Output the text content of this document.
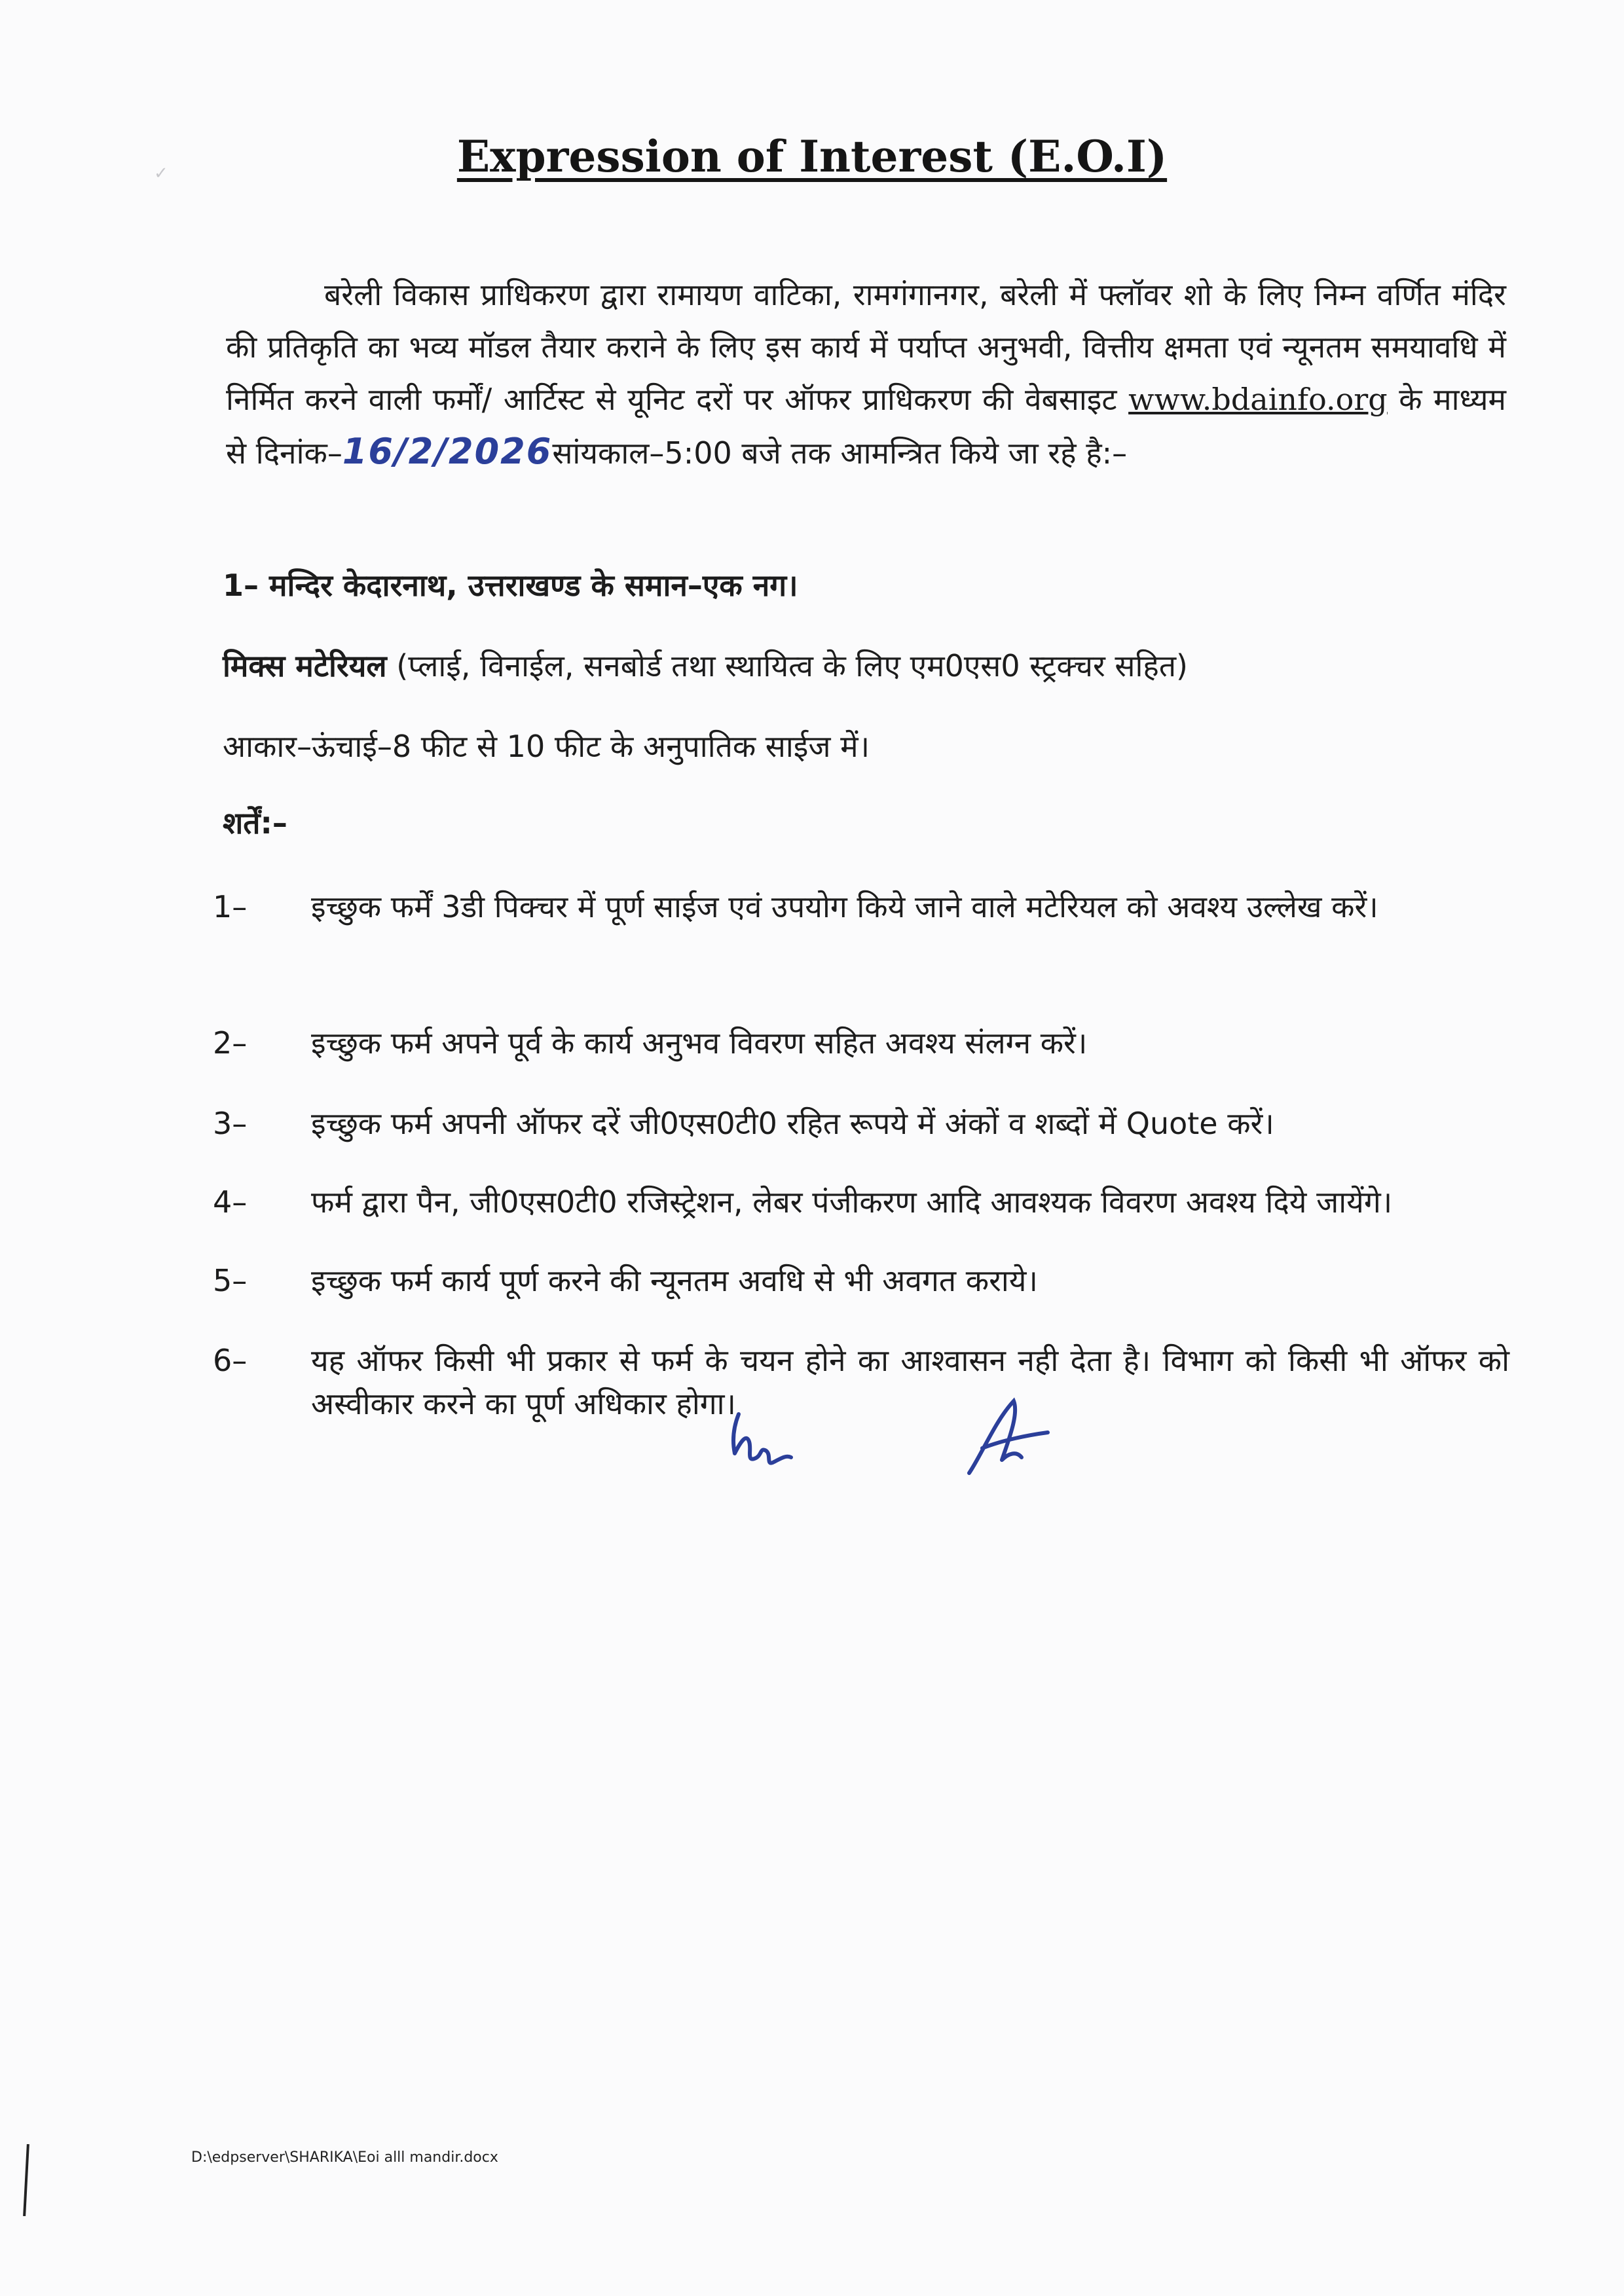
✓	Expression of Interest (E.O.I)
बरेली विकास प्राधिकरण द्वारा रामायण वाटिका, रामगंगानगर, बरेली में फ्लॉवर शो के लिए निम्न वर्णित मंदिर की प्रतिकृति का भव्य मॉडल तैयार कराने के लिए इस कार्य में पर्याप्त अनुभवी, वित्तीय क्षमता एवं न्यूनतम समयावधि में निर्मित करने वाली फर्मों/ आर्टिस्ट से यूनिट दरों पर ऑफर प्राधिकरण की वेबसाइट www.bdainfo.org के माध्यम से दिनांक–16/2/2026सांयकाल–5:00 बजे तक आमन्त्रित किये जा रहे है:–
1– मन्दिर केदारनाथ, उत्तराखण्ड के समान–एक नग।
मिक्स मटेरियल (प्लाई, विनाईल, सनबोर्ड तथा स्थायित्व के लिए एम0एस0 स्ट्रक्चर सहित)
आकार–ऊंचाई–8 फीट से 10 फीट के अनुपातिक साईज में।
शर्तें:–
1–	इच्छुक फर्में 3डी पिक्चर में पूर्ण साईज एवं उपयोग किये जाने वाले मटेरियल को अवश्य उल्लेख करें।
2–	इच्छुक फर्म अपने पूर्व के कार्य अनुभव विवरण सहित अवश्य संलग्न करें।
3–	इच्छुक फर्म अपनी ऑफर दरें जी0एस0टी0 रहित रूपये में अंकों व शब्दों में Quote करें।
4–	फर्म द्वारा पैन, जी0एस0टी0 रजिस्ट्रेशन, लेबर पंजीकरण आदि आवश्यक विवरण अवश्य दिये जायेंगे।
5–	इच्छुक फर्म कार्य पूर्ण करने की न्यूनतम अवधि से भी अवगत कराये।
6–	यह ऑफर किसी भी प्रकार से फर्म के चयन होने का आश्वासन नही देता है। विभाग को किसी भी ऑफर को अस्वीकार करने का पूर्ण अधिकार होगा।
D:\edpserver\SHARIKA\Eoi alll mandir.docx
